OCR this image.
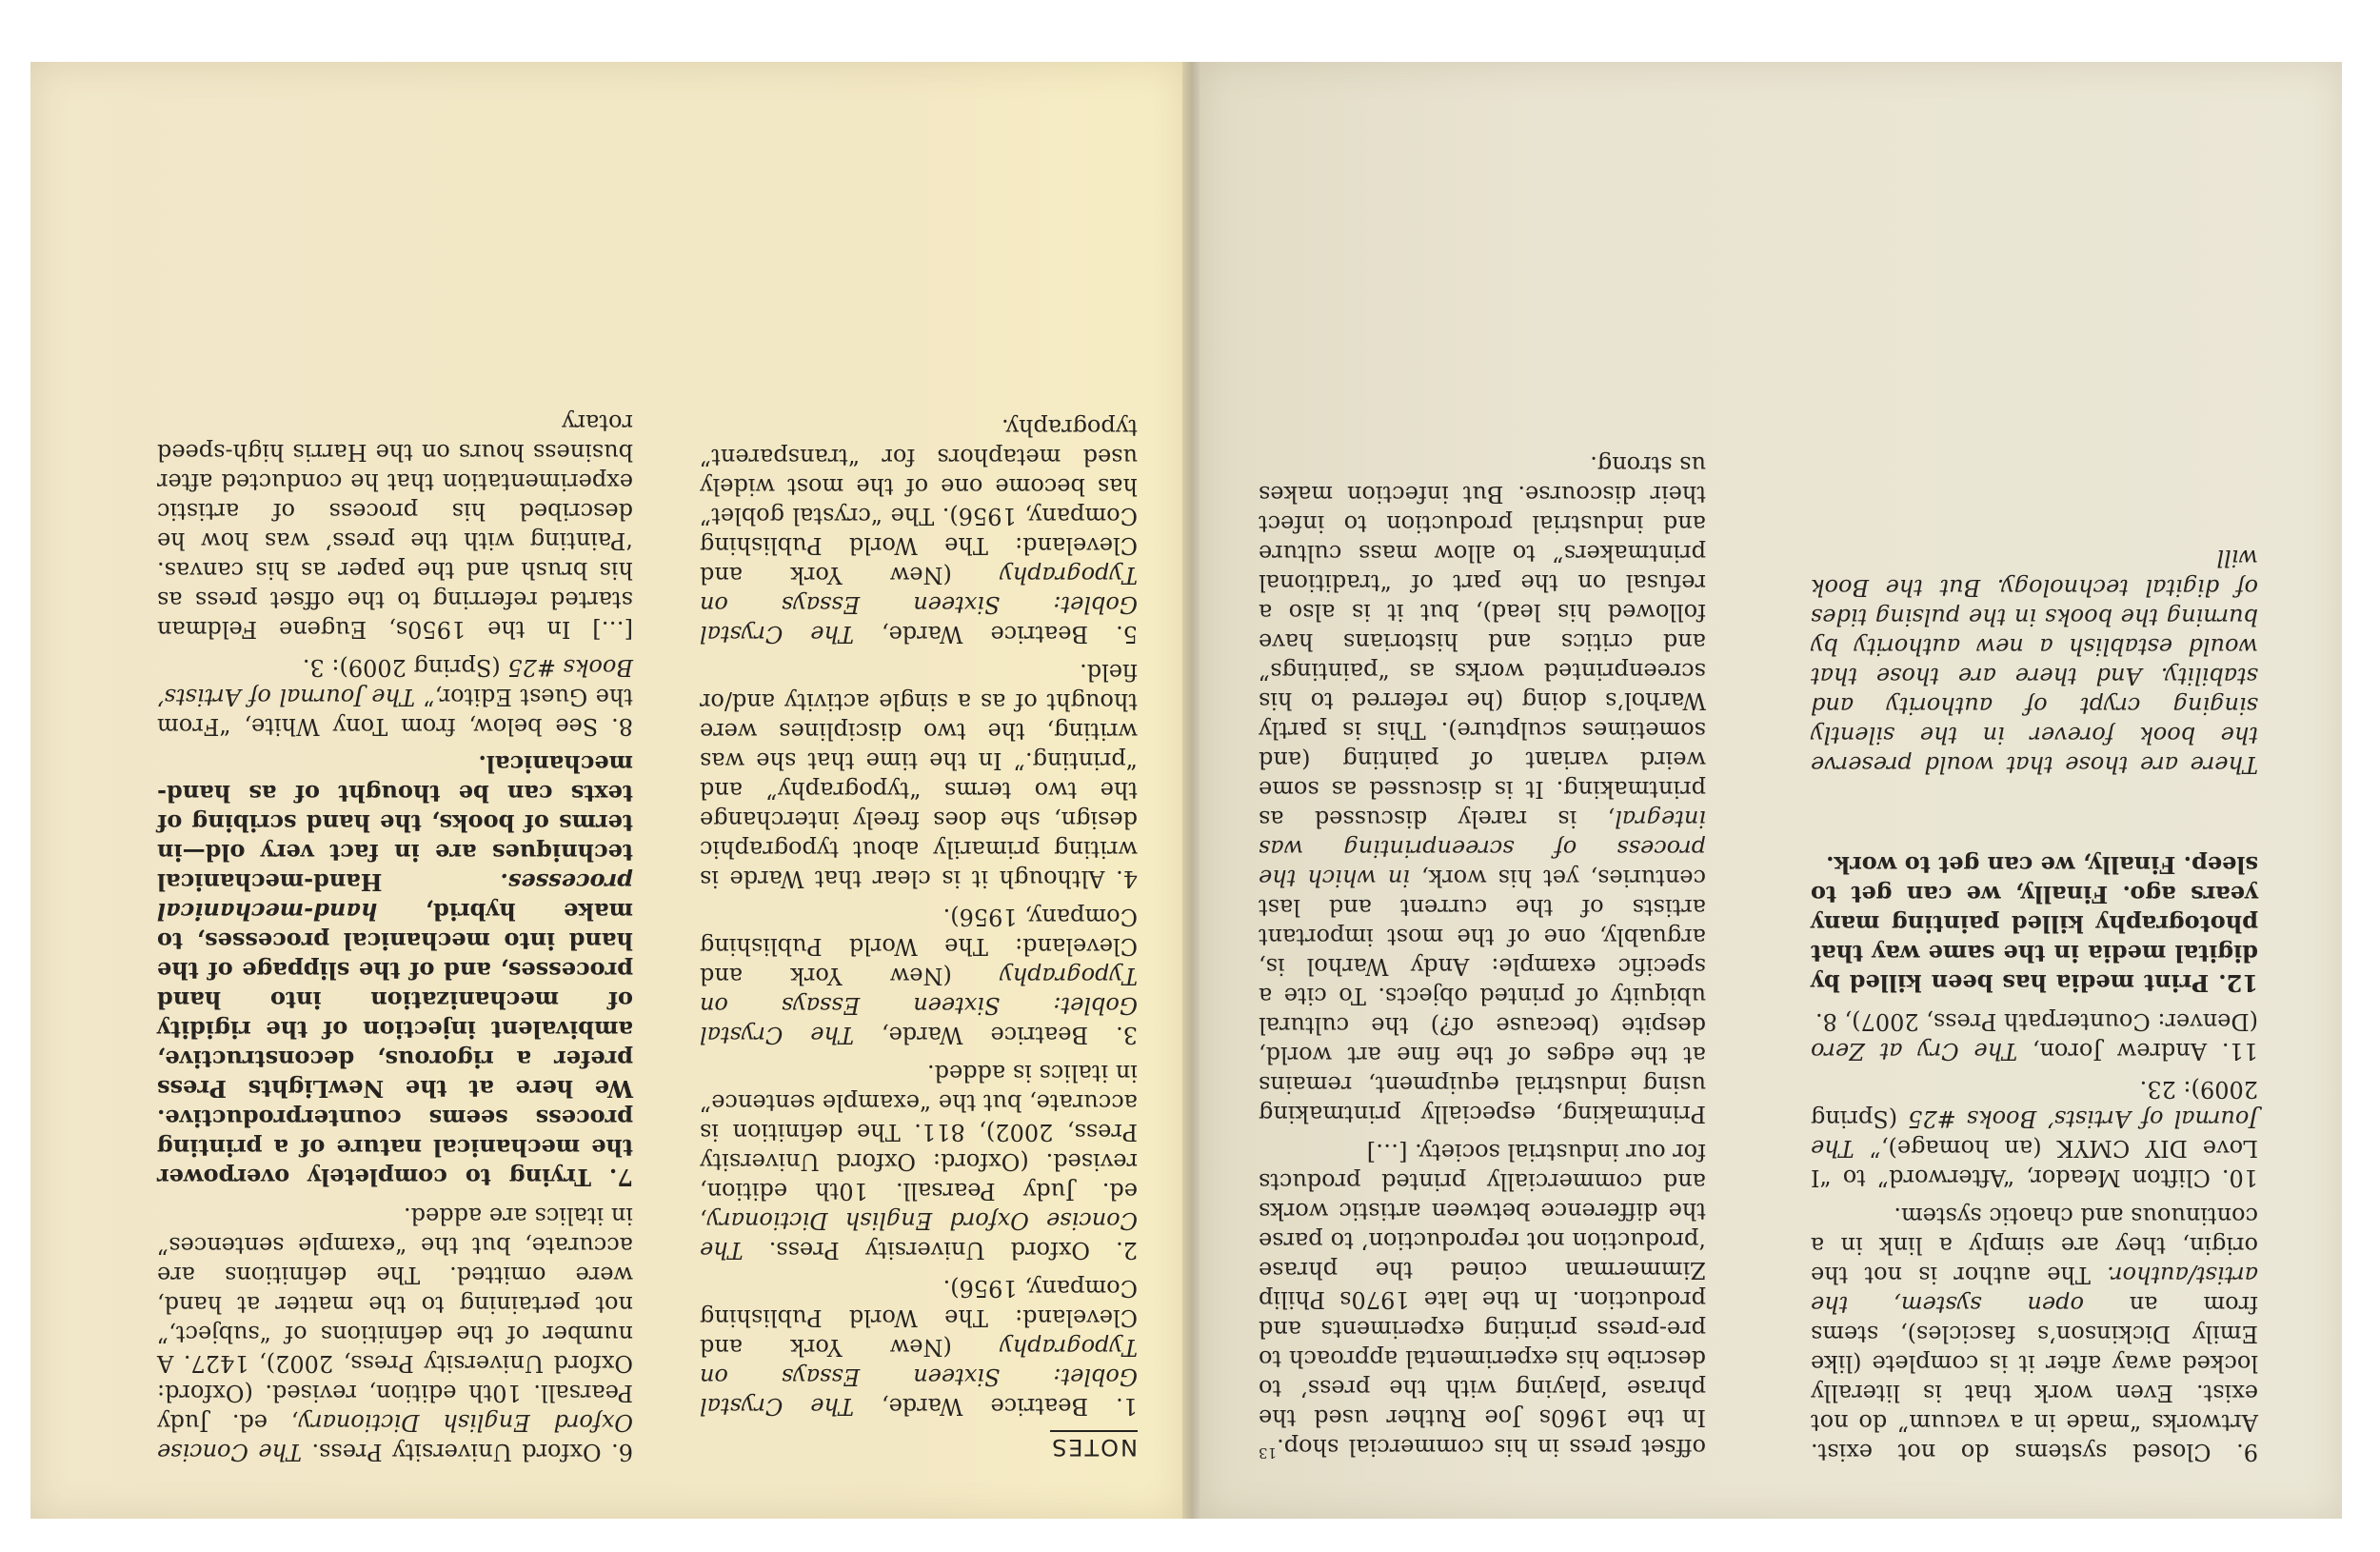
NOTES

1. Beatrice Warde, The Crystal Goblet: Sixteen Essays on Typography (New York and Cleveland: The World Publishing Company, 1956).

2. Oxford University Press. The Concise Oxford English Dictionary, ed. Judy Pearsall. 10th edition, revised. (Oxford: Oxford University Press, 2002), 811. The definition is accurate, but the “example sentence” in italics is added.

3. Beatrice Warde, The Crystal Goblet: Sixteen Essays on Typography (New York and Cleveland: The World Publishing Company, 1956).

4. Although it is clear that Warde is writing primarily about typographic design, she does freely interchange the two terms “typography” and “printing.” In the time that she was writing, the two disciplines were thought of as a single activity and/or field.

5. Beatrice Warde, The Crystal Goblet: Sixteen Essays on Typography (New York and Cleveland: The World Publishing Company, 1956). The “crystal goblet” has become one of the most widely used metaphors for “transparent” typography.

6. Oxford University Press. The Concise Oxford English Dictionary, ed. Judy Pearsall. 10th edition, revised. (Oxford: Oxford University Press, 2002), 1427. A number of the definitions of “subject,” not pertaining to the matter at hand, were omitted. The definitions are accurate, but the “example sentences” in italics are added.

7. Trying to completely overpower the mechanical nature of a printing process seems counterproductive. We here at the NewLights Press prefer a rigorous, deconstructive, ambivalent injection of the rigidity of mechanization into hand processes, and of the slippage of the hand into mechanical processes, to make hybrid, hand-mechanical processes. Hand-mechanical techniques are in fact very old—in terms of books, the hand scribing of texts can be thought of as hand-mechanical.

8. See below, from Tony White, “From the Guest Editor,” The Journal of Artists’ Books #25 (Spring 2009): 3.

[…] In the 1950s, Eugene Feldman started referring to the offset press as his brush and the paper as his canvas. ‘Painting with the press’ was how he described his process of artistic experimentation that he conducted after business hours on the Harris high-speed rotary

offset press in his commercial shop.$^{13}$ In the 1960s Joe Ruther used the phrase ‘playing with the press’ to describe his experimental approach to pre-press printing experiments and production. In the late 1970s Philip Zimmerman coined the phrase ‘production not reproduction’ to parse the difference between artistic works and commercially printed products for our industrial society. […]

Printmaking, especially printmaking using industrial equipment, remains at the edges of the fine art world, despite (because of?) the cultural ubiquity of printed objects. To cite a specific example: Andy Warhol is, arguably, one of the most important artists of the current and last centuries, yet his work, in which the process of screenprinting was integral, is rarely discussed as printmaking. It is discussed as some weird variant of painting (and sometimes sculpture). This is partly Warhol’s doing (he referred to his screenprinted works as “paintings” and critics and historians have followed his lead), but it is also a refusal on the part of “traditional printmakers” to allow mass culture and industrial production to infect their discourse. But infection makes us strong.

9. Closed systems do not exist. Artworks “made in a vacuum” do not exist. Even work that is literally locked away after it is complete (like Emily Dickinson’s fascicles), stems from an open system, the artist/author. The author is not the origin, they are simply a link in a continuous and chaotic system.

10. Clifton Meador, “Afterword” to “I Love DIY CMYK (an homage),” The Journal of Artists’ Books #25 (Spring 2009): 23.

11. Andrew Joron, The Cry at Zero (Denver: Counterpath Press, 2007), 8.

12. Print media has been killed by digital media in the same way that photography killed painting many years ago. Finally, we can get to sleep. Finally, we can get to work.

There are those that would preserve the book forever in the silently singing crypt of authority and stability. And there are those that would establish a new authority by burning the books in the pulsing tides of digital technology. But the Book will
